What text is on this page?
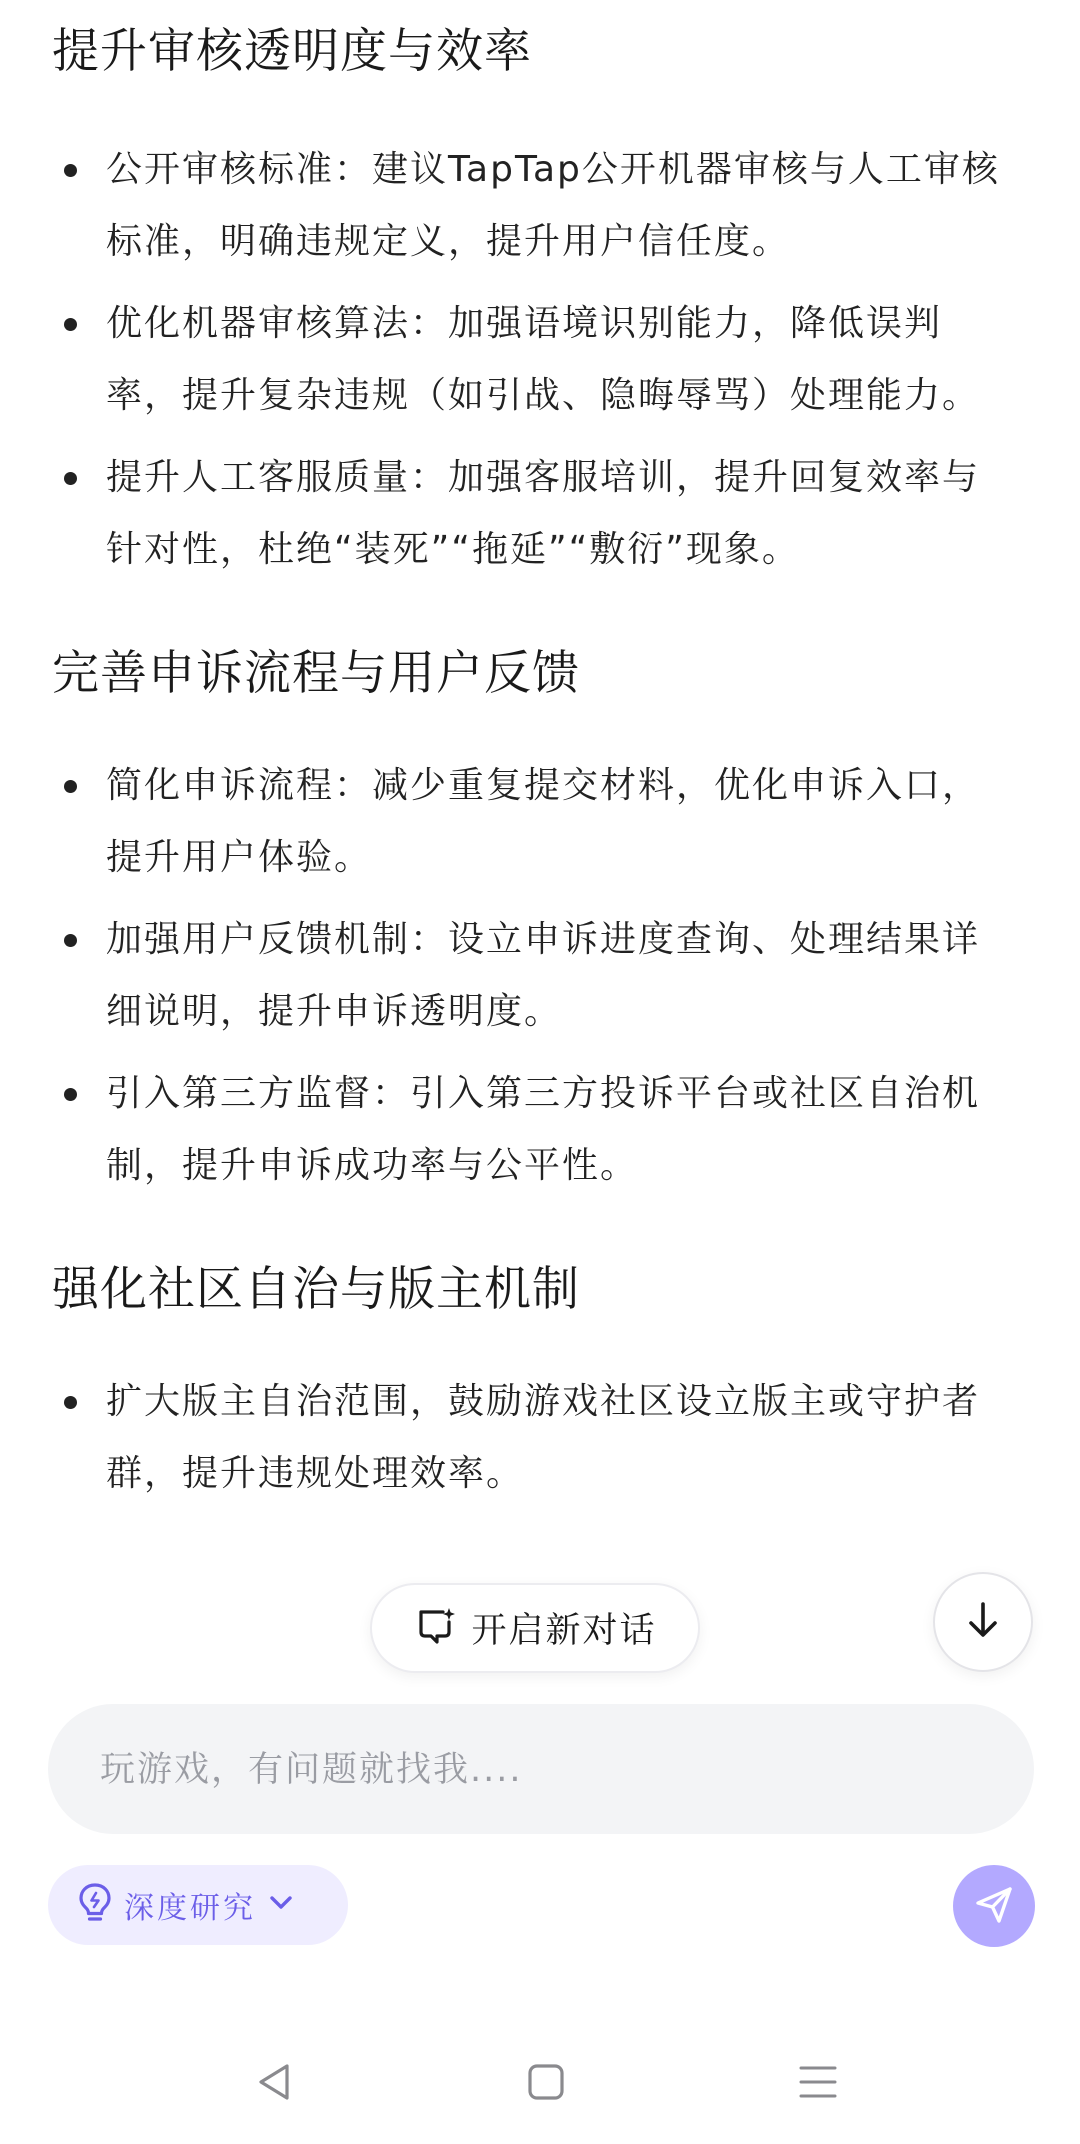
提升审核透明度与效率
公开审核标准：建议TapTap公开机器审核与人工审核标准，明确违规定义，提升用户信任度。
优化机器审核算法：加强语境识别能力，降低误判率，提升复杂违规（如引战、隐晦辱骂）处理能力。
提升人工客服质量：加强客服培训，提升回复效率与针对性，杜绝“装死”“拖延”“敷衍”现象。
完善申诉流程与用户反馈
简化申诉流程：减少重复提交材料，优化申诉入口，提升用户体验。
加强用户反馈机制：设立申诉进度查询、处理结果详细说明，提升申诉透明度。
引入第三方监督：引入第三方投诉平台或社区自治机制，提升申诉成功率与公平性。
强化社区自治与版主机制
扩大版主自治范围，鼓励游戏社区设立版主或守护者群，提升违规处理效率。
开启新对话
玩游戏，有问题就找我....
深度研究
